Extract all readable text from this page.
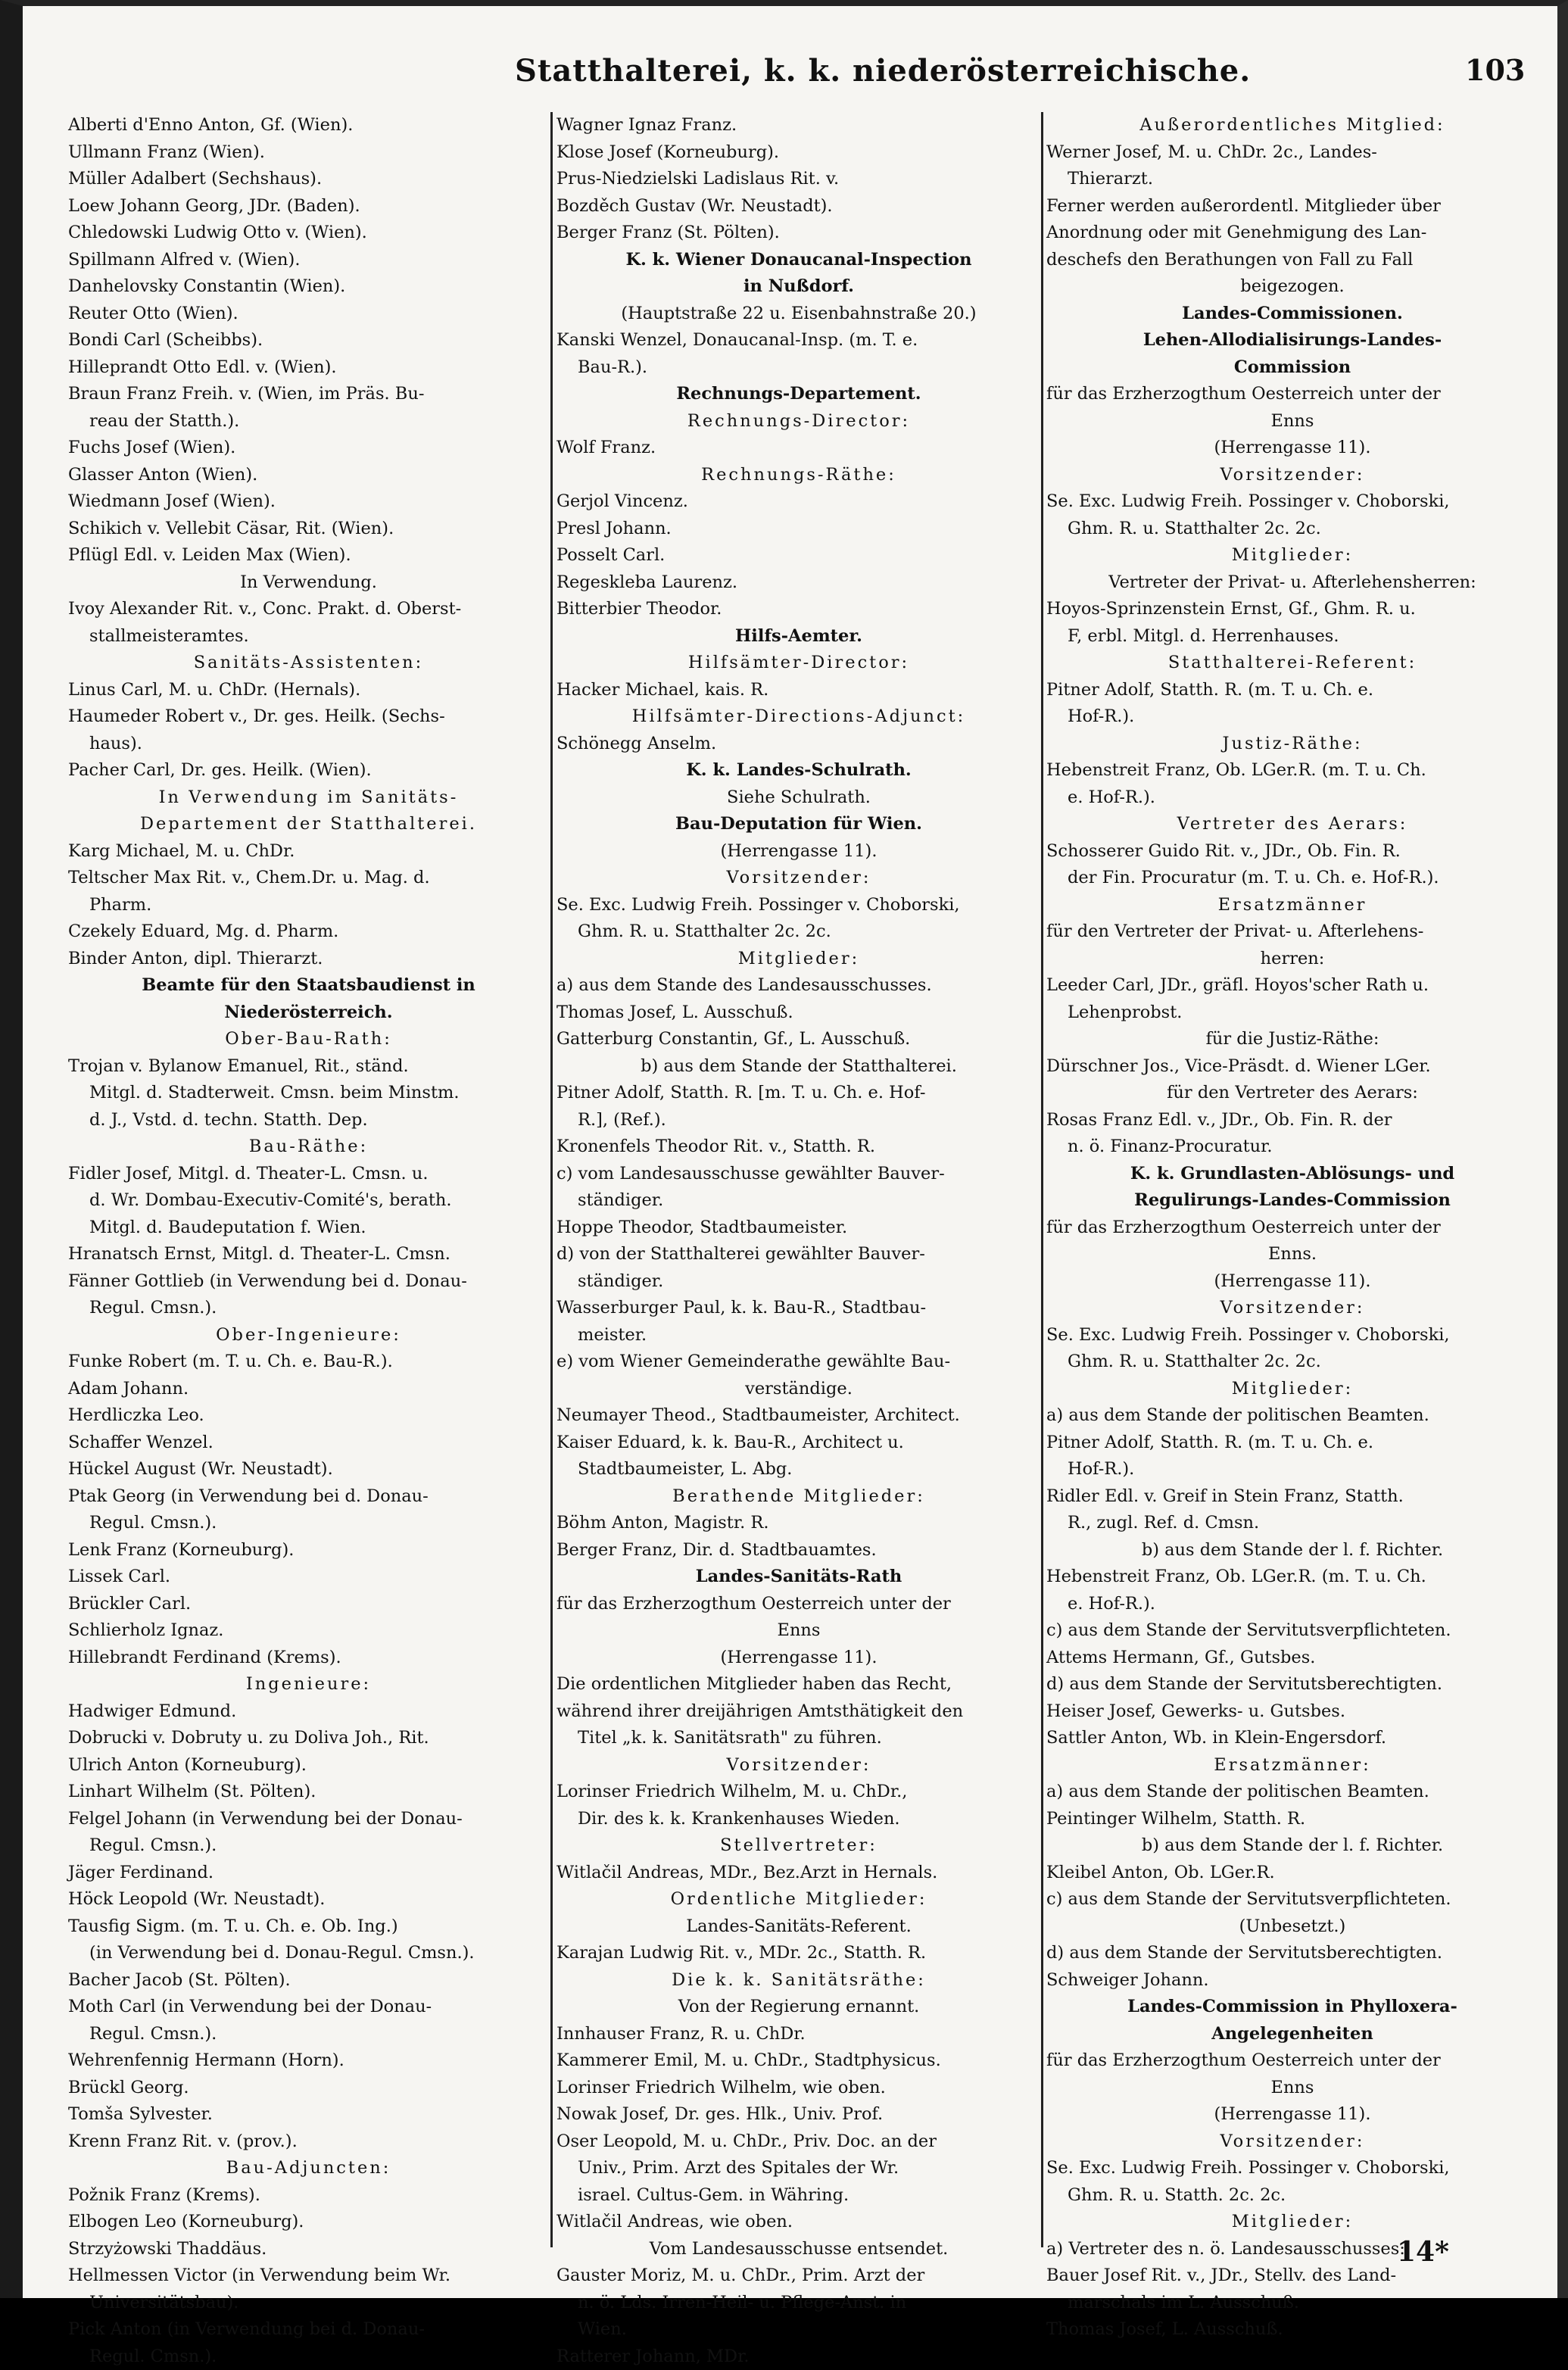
Statthalterei, k. k. niederösterreichische.	103
Alberti d'Enno Anton, Gf. (Wien).
Ullmann Franz (Wien).
Müller Adalbert (Sechshaus).
Loew Johann Georg, JDr. (Baden).
Chledowski Ludwig Otto v. (Wien).
Spillmann Alfred v. (Wien).
Danhelovsky Constantin (Wien).
Reuter Otto (Wien).
Bondi Carl (Scheibbs).
Hilleprandt Otto Edl. v. (Wien).
Braun Franz Freih. v. (Wien, im Präs. Bu-
reau der Statth.).
Fuchs Josef (Wien).
Glasser Anton (Wien).
Wiedmann Josef (Wien).
Schikich v. Vellebit Cäsar, Rit. (Wien).
Pflügl Edl. v. Leiden Max (Wien).
In Verwendung.
Ivoy Alexander Rit. v., Conc. Prakt. d. Oberst-
stallmeisteramtes.
Sanitäts-Assistenten:
Linus Carl, M. u. ChDr. (Hernals).
Haumeder Robert v., Dr. ges. Heilk. (Sechs-
haus).
Pacher Carl, Dr. ges. Heilk. (Wien).
In Verwendung im Sanitäts-
Departement der Statthalterei.
Karg Michael, M. u. ChDr.
Teltscher Max Rit. v., Chem.Dr. u. Mag. d.
Pharm.
Czekely Eduard, Mg. d. Pharm.
Binder Anton, dipl. Thierarzt.
Beamte für den Staatsbaudienst in
Niederösterreich.
Ober-Bau-Rath:
Trojan v. Bylanow Emanuel, Rit., ständ.
Mitgl. d. Stadterweit. Cmsn. beim Minstm.
d. J., Vstd. d. techn. Statth. Dep.
Bau-Räthe:
Fidler Josef, Mitgl. d. Theater-L. Cmsn. u.
d. Wr. Dombau-Executiv-Comité's, berath.
Mitgl. d. Baudeputation f. Wien.
Hranatsch Ernst, Mitgl. d. Theater-L. Cmsn.
Fänner Gottlieb (in Verwendung bei d. Donau-
Regul. Cmsn.).
Ober-Ingenieure:
Funke Robert (m. T. u. Ch. e. Bau-R.).
Adam Johann.
Herdliczka Leo.
Schaffer Wenzel.
Hückel August (Wr. Neustadt).
Ptak Georg (in Verwendung bei d. Donau-
Regul. Cmsn.).
Lenk Franz (Korneuburg).
Lissek Carl.
Brückler Carl.
Schlierholz Ignaz.
Hillebrandt Ferdinand (Krems).
Ingenieure:
Hadwiger Edmund.
Dobrucki v. Dobruty u. zu Doliva Joh., Rit.
Ulrich Anton (Korneuburg).
Linhart Wilhelm (St. Pölten).
Felgel Johann (in Verwendung bei der Donau-
Regul. Cmsn.).
Jäger Ferdinand.
Höck Leopold (Wr. Neustadt).
Tausfig Sigm. (m. T. u. Ch. e. Ob. Ing.)
(in Verwendung bei d. Donau-Regul. Cmsn.).
Bacher Jacob (St. Pölten).
Moth Carl (in Verwendung bei der Donau-
Regul. Cmsn.).
Wehrenfennig Hermann (Horn).
Brückl Georg.
Tomša Sylvester.
Krenn Franz Rit. v. (prov.).
Bau-Adjuncten:
Požnik Franz (Krems).
Elbogen Leo (Korneuburg).
Strzyżowski Thaddäus.
Hellmessen Victor (in Verwendung beim Wr.
Universitätsbau).
Pick Anton (in Verwendung bei d. Donau-
Regul. Cmsn.).
Wagner Ignaz Franz.
Klose Josef (Korneuburg).
Prus-Niedzielski Ladislaus Rit. v.
Bozděch Gustav (Wr. Neustadt).
Berger Franz (St. Pölten).
K. k. Wiener Donaucanal-Inspection
in Nußdorf.
(Hauptstraße 22 u. Eisenbahnstraße 20.)
Kanski Wenzel, Donaucanal-Insp. (m. T. e.
Bau-R.).
Rechnungs-Departement.
Rechnungs-Director:
Wolf Franz.
Rechnungs-Räthe:
Gerjol Vincenz.
Presl Johann.
Posselt Carl.
Regeskleba Laurenz.
Bitterbier Theodor.
Hilfs-Aemter.
Hilfsämter-Director:
Hacker Michael, kais. R.
Hilfsämter-Directions-Adjunct:
Schönegg Anselm.
K. k. Landes-Schulrath.
Siehe Schulrath.
Bau-Deputation für Wien.
(Herrengasse 11).
Vorsitzender:
Se. Exc. Ludwig Freih. Possinger v. Choborski,
Ghm. R. u. Statthalter 2c. 2c.
Mitglieder:
a) aus dem Stande des Landesausschusses.
Thomas Josef, L. Ausschuß.
Gatterburg Constantin, Gf., L. Ausschuß.
b) aus dem Stande der Statthalterei.
Pitner Adolf, Statth. R. [m. T. u. Ch. e. Hof-
R.], (Ref.).
Kronenfels Theodor Rit. v., Statth. R.
c) vom Landesausschusse gewählter Bauver-
ständiger.
Hoppe Theodor, Stadtbaumeister.
d) von der Statthalterei gewählter Bauver-
ständiger.
Wasserburger Paul, k. k. Bau-R., Stadtbau-
meister.
e) vom Wiener Gemeinderathe gewählte Bau-
verständige.
Neumayer Theod., Stadtbaumeister, Architect.
Kaiser Eduard, k. k. Bau-R., Architect u.
Stadtbaumeister, L. Abg.
Berathende Mitglieder:
Böhm Anton, Magistr. R.
Berger Franz, Dir. d. Stadtbauamtes.
Landes-Sanitäts-Rath
für das Erzherzogthum Oesterreich unter der
Enns
(Herrengasse 11).
Die ordentlichen Mitglieder haben das Recht,
während ihrer dreijährigen Amtsthätigkeit den
Titel „k. k. Sanitätsrath" zu führen.
Vorsitzender:
Lorinser Friedrich Wilhelm, M. u. ChDr.,
Dir. des k. k. Krankenhauses Wieden.
Stellvertreter:
Witlačil Andreas, MDr., Bez.Arzt in Hernals.
Ordentliche Mitglieder:
Landes-Sanitäts-Referent.
Karajan Ludwig Rit. v., MDr. 2c., Statth. R.
Die k. k. Sanitätsräthe:
Von der Regierung ernannt.
Innhauser Franz, R. u. ChDr.
Kammerer Emil, M. u. ChDr., Stadtphysicus.
Lorinser Friedrich Wilhelm, wie oben.
Nowak Josef, Dr. ges. Hlk., Univ. Prof.
Oser Leopold, M. u. ChDr., Priv. Doc. an der
Univ., Prim. Arzt des Spitales der Wr.
israel. Cultus-Gem. in Währing.
Witlačil Andreas, wie oben.
Vom Landesausschusse entsendet.
Gauster Moriz, M. u. ChDr., Prim. Arzt der
n. ö. Lds. Irren-Heil- u. Pflege-Anst. in
Wien.
Ratterer Johann, MDr.
Außerordentliches Mitglied:
Werner Josef, M. u. ChDr. 2c., Landes-
Thierarzt.
Ferner werden außerordentl. Mitglieder über
Anordnung oder mit Genehmigung des Lan-
deschefs den Berathungen von Fall zu Fall
beigezogen.
Landes-Commissionen.
Lehen-Allodialisirungs-Landes-
Commission
für das Erzherzogthum Oesterreich unter der
Enns
(Herrengasse 11).
Vorsitzender:
Se. Exc. Ludwig Freih. Possinger v. Choborski,
Ghm. R. u. Statthalter 2c. 2c.
Mitglieder:
Vertreter der Privat- u. Afterlehensherren:
Hoyos-Sprinzenstein Ernst, Gf., Ghm. R. u.
F, erbl. Mitgl. d. Herrenhauses.
Statthalterei-Referent:
Pitner Adolf, Statth. R. (m. T. u. Ch. e.
Hof-R.).
Justiz-Räthe:
Hebenstreit Franz, Ob. LGer.R. (m. T. u. Ch.
e. Hof-R.).
Vertreter des Aerars:
Schosserer Guido Rit. v., JDr., Ob. Fin. R.
der Fin. Procuratur (m. T. u. Ch. e. Hof-R.).
Ersatzmänner
für den Vertreter der Privat- u. Afterlehens-
herren:
Leeder Carl, JDr., gräfl. Hoyos'scher Rath u.
Lehenprobst.
für die Justiz-Räthe:
Dürschner Jos., Vice-Präsdt. d. Wiener LGer.
für den Vertreter des Aerars:
Rosas Franz Edl. v., JDr., Ob. Fin. R. der
n. ö. Finanz-Procuratur.
K. k. Grundlasten-Ablösungs- und
Regulirungs-Landes-Commission
für das Erzherzogthum Oesterreich unter der
Enns.
(Herrengasse 11).
Vorsitzender:
Se. Exc. Ludwig Freih. Possinger v. Choborski,
Ghm. R. u. Statthalter 2c. 2c.
Mitglieder:
a) aus dem Stande der politischen Beamten.
Pitner Adolf, Statth. R. (m. T. u. Ch. e.
Hof-R.).
Ridler Edl. v. Greif in Stein Franz, Statth.
R., zugl. Ref. d. Cmsn.
b) aus dem Stande der l. f. Richter.
Hebenstreit Franz, Ob. LGer.R. (m. T. u. Ch.
e. Hof-R.).
c) aus dem Stande der Servitutsverpflichteten.
Attems Hermann, Gf., Gutsbes.
d) aus dem Stande der Servitutsberechtigten.
Heiser Josef, Gewerks- u. Gutsbes.
Sattler Anton, Wb. in Klein-Engersdorf.
Ersatzmänner:
a) aus dem Stande der politischen Beamten.
Peintinger Wilhelm, Statth. R.
b) aus dem Stande der l. f. Richter.
Kleibel Anton, Ob. LGer.R.
c) aus dem Stande der Servitutsverpflichteten.
(Unbesetzt.)
d) aus dem Stande der Servitutsberechtigten.
Schweiger Johann.
Landes-Commission in Phylloxera-
Angelegenheiten
für das Erzherzogthum Oesterreich unter der
Enns
(Herrengasse 11).
Vorsitzender:
Se. Exc. Ludwig Freih. Possinger v. Choborski,
Ghm. R. u. Statth. 2c. 2c.
Mitglieder:
a) Vertreter des n. ö. Landesausschusses:
Bauer Josef Rit. v., JDr., Stellv. des Land-
marschals im L. Ausschuß.
Thomas Josef, L. Ausschuß.
14*
